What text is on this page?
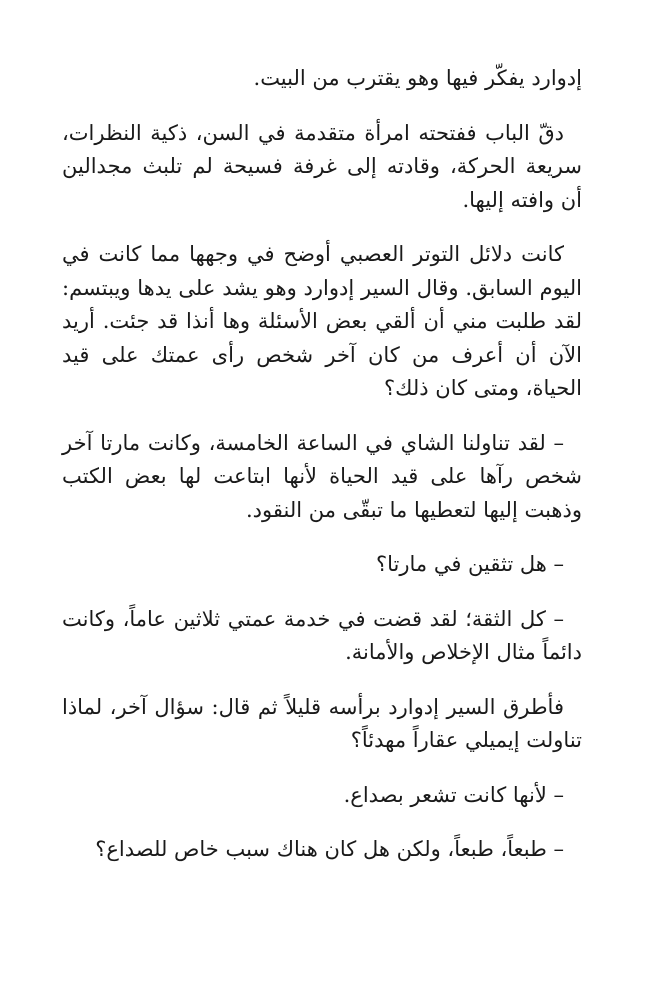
إدوارد يفكّر فيها وهو يقترب من البيت.

دقّ الباب ففتحته امرأة متقدمة في السن، ذكية النظرات، سريعة الحركة، وقادته إلى غرفة فسيحة لم تلبث مجدالين أن وافته إليها.

كانت دلائل التوتر العصبي أوضح في وجهها مما كانت في اليوم السابق. وقال السير إدوارد وهو يشد على يدها ويبتسم: لقد طلبت مني أن ألقي بعض الأسئلة وها أنذا قد جئت. أريد الآن أن أعرف من كان آخر شخص رأى عمتك على قيد الحياة، ومتى كان ذلك؟

– لقد تناولنا الشاي في الساعة الخامسة، وكانت مارتا آخر شخص رآها على قيد الحياة لأنها ابتاعت لها بعض الكتب وذهبت إليها لتعطيها ما تبقّى من النقود.

– هل تثقين في مارتا؟

– كل الثقة؛ لقد قضت في خدمة عمتي ثلاثين عاماً، وكانت دائماً مثال الإخلاص والأمانة.

فأطرق السير إدوارد برأسه قليلاً ثم قال: سؤال آخر، لماذا تناولت إيميلي عقاراً مهدئاً؟

– لأنها كانت تشعر بصداع.

– طبعاً، طبعاً، ولكن هل كان هناك سبب خاص للصداع؟
